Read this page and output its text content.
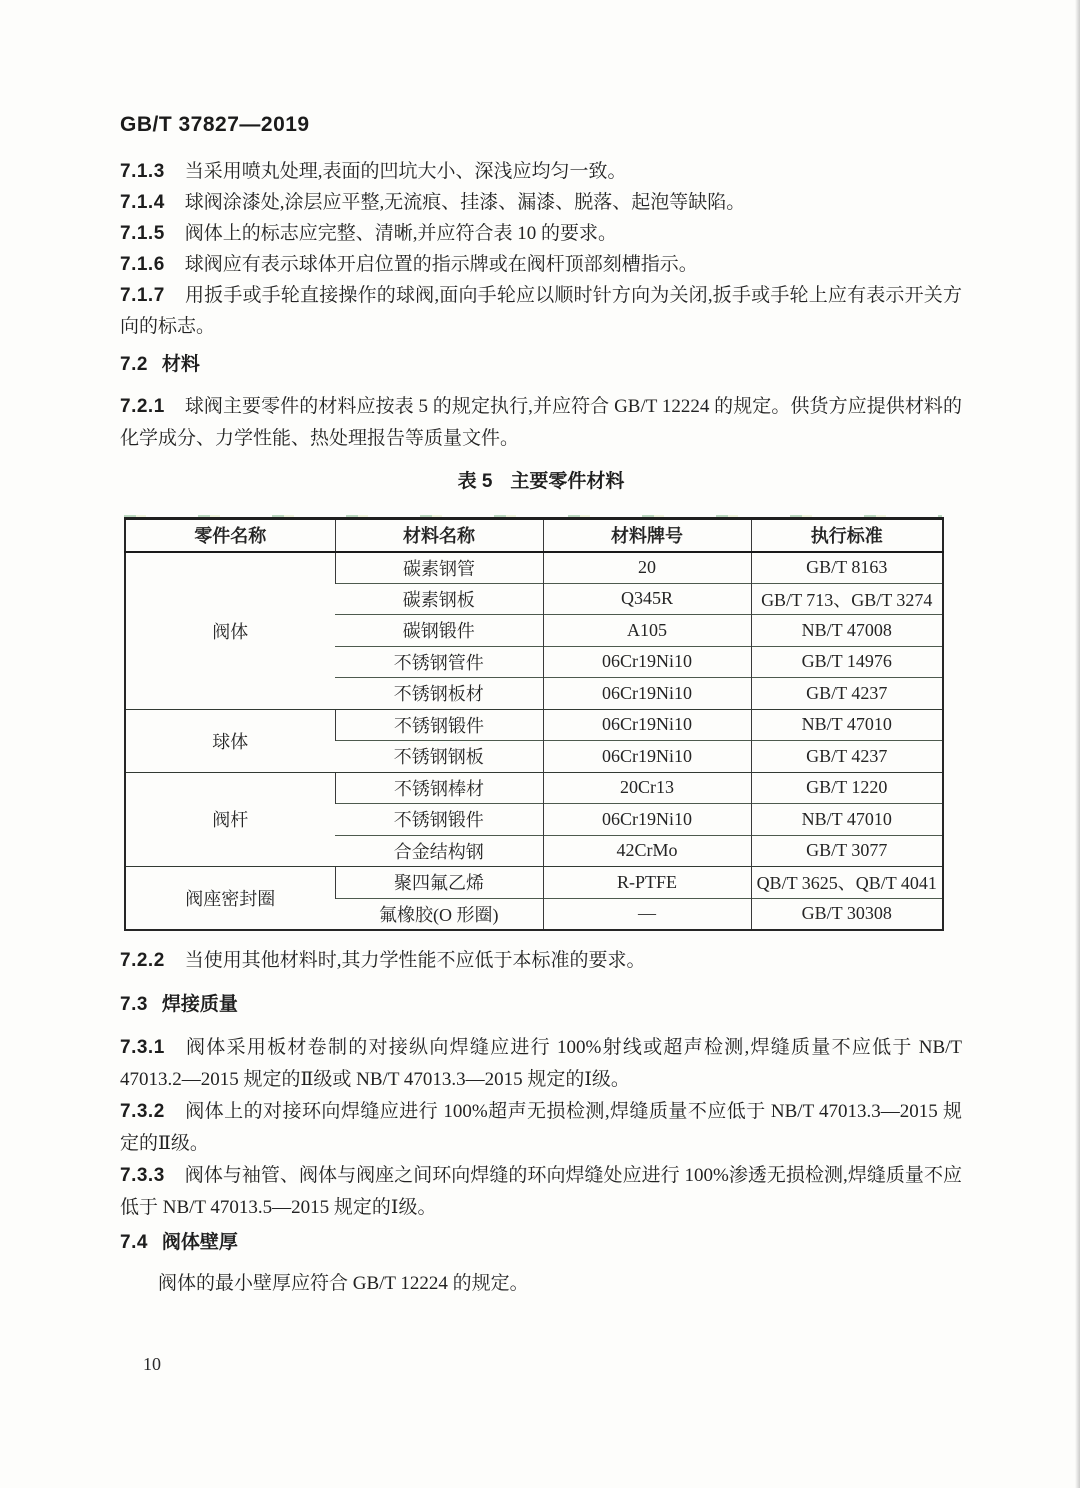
GB/T 37827—2019

7.1.3 当采用喷丸处理,表面的凹坑大小、深浅应均匀一致。

7.1.4 球阀涂漆处,涂层应平整,无流痕、挂漆、漏漆、脱落、起泡等缺陷。

7.1.5 阀体上的标志应完整、清晰,并应符合表 10 的要求。

7.1.6 球阀应有表示球体开启位置的指示牌或在阀杆顶部刻槽指示。

7.1.7 用扳手或手轮直接操作的球阀,面向手轮应以顺时针方向为关闭,扳手或手轮上应有表示开关方向的标志。

7.2 材料

7.2.1 球阀主要零件的材料应按表 5 的规定执行,并应符合 GB/T 12224 的规定。供货方应提供材料的化学成分、力学性能、热处理报告等质量文件。

表 5 主要零件材料
零件名称	材料名称	材料牌号	执行标准
阀体	碳素钢管	20	GB/T 8163
	碳素钢板	Q345R	GB/T 713、GB/T 3274
	碳钢锻件	A105	NB/T 47008
	不锈钢管件	06Cr19Ni10	GB/T 14976
	不锈钢板材	06Cr19Ni10	GB/T 4237
球体	不锈钢锻件	06Cr19Ni10	NB/T 47010
	不锈钢钢板	06Cr19Ni10	GB/T 4237
阀杆	不锈钢棒材	20Cr13	GB/T 1220
	不锈钢锻件	06Cr19Ni10	NB/T 47010
	合金结构钢	42CrMo	GB/T 3077
阀座密封圈	聚四氟乙烯	R-PTFE	QB/T 3625、QB/T 4041
	氟橡胶(O 形圈)	—	GB/T 30308

7.2.2 当使用其他材料时,其力学性能不应低于本标准的要求。

7.3 焊接质量

7.3.1 阀体采用板材卷制的对接纵向焊缝应进行 100%射线或超声检测,焊缝质量不应低于 NB/T 47013.2—2015 规定的Ⅱ级或 NB/T 47013.3—2015 规定的Ⅰ级。

7.3.2 阀体上的对接环向焊缝应进行 100%超声无损检测,焊缝质量不应低于 NB/T 47013.3—2015 规定的Ⅱ级。

7.3.3 阀体与袖管、阀体与阀座之间环向焊缝的环向焊缝处应进行 100%渗透无损检测,焊缝质量不应低于 NB/T 47013.5—2015 规定的Ⅰ级。

7.4 阀体壁厚

阀体的最小壁厚应符合 GB/T 12224 的规定。

10
